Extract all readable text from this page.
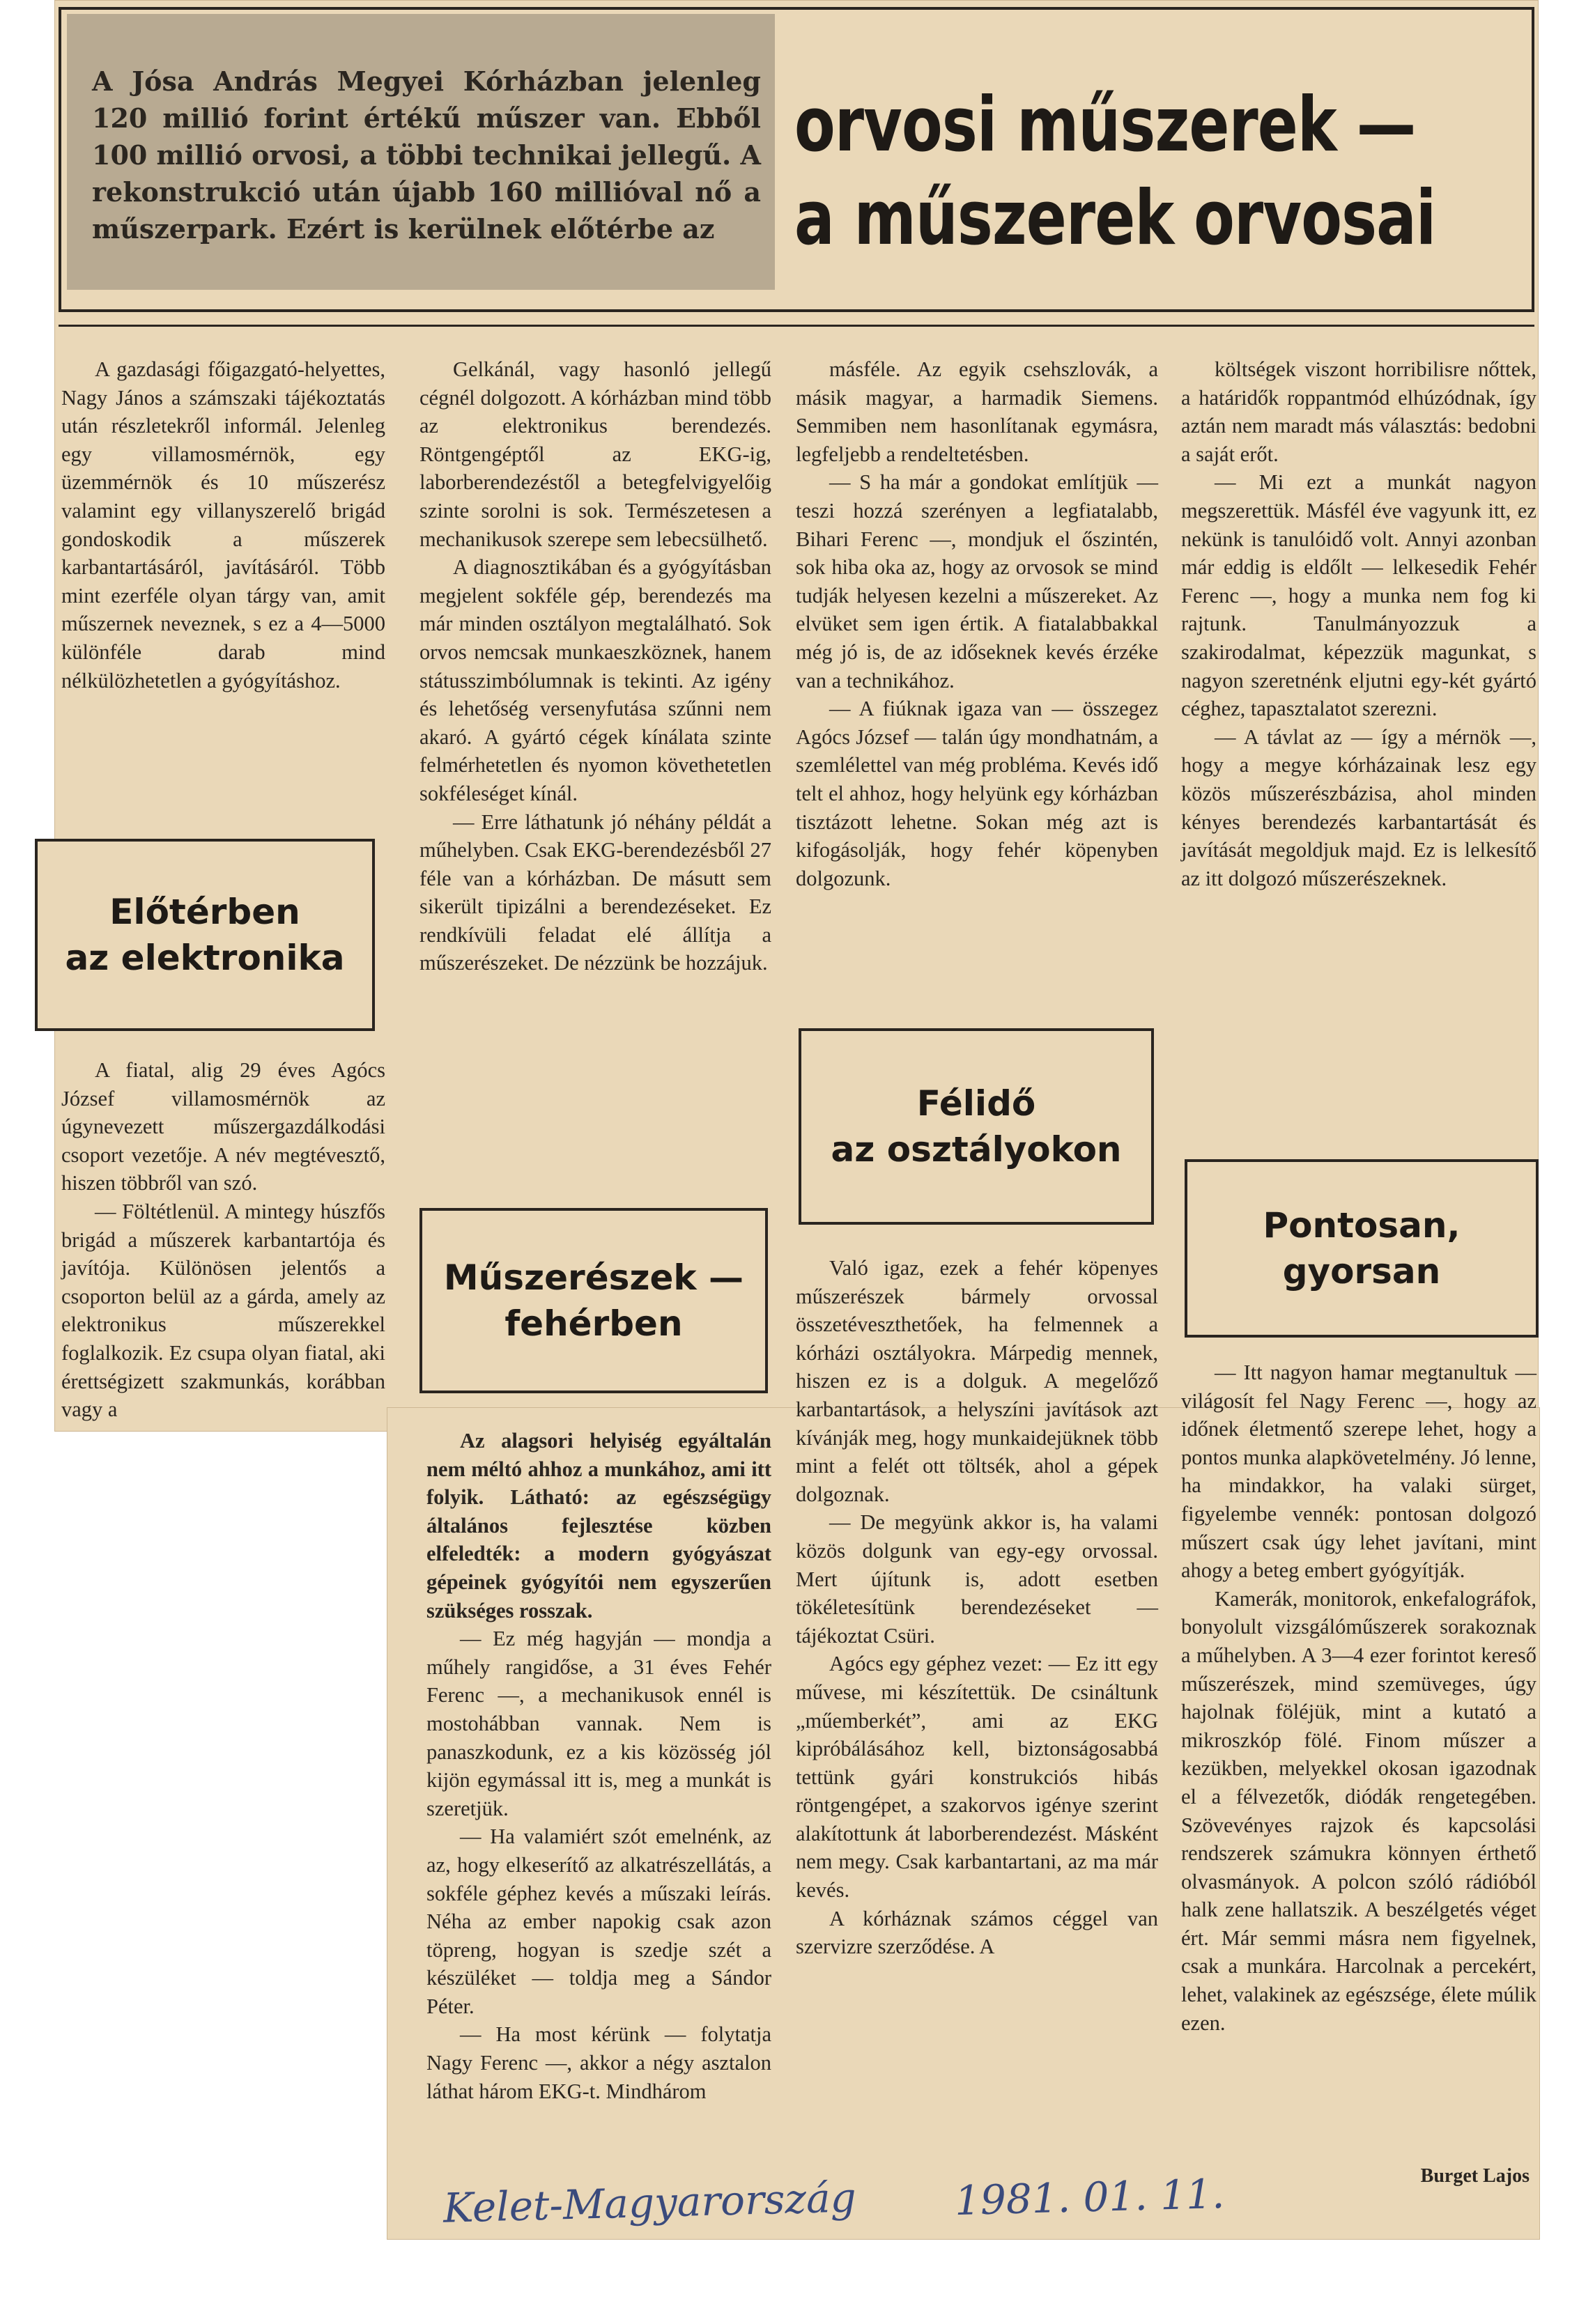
A Jósa András Megyei Kórházban jelenleg 120 millió forint értékű műszer van. Ebből 100 millió orvosi, a többi technikai jellegű. A rekonstrukció után újabb 160 millióval nő a műszerpark. Ezért is kerülnek előtérbe az
orvosi műszerek —
a műszerek orvosai

A gazdasági főigazgató-helyettes, Nagy János a számszaki tájékoztatás után részletekről informál. Jelenleg egy villamosmérnök, egy üzemmérnök és 10 műszerész valamint egy villanyszerelő brigád gondoskodik a műszerek karbantartásáról, javításáról. Több mint ezerféle olyan tárgy van, amit műszernek neveznek, s ez a 4—5000 különféle darab mind nélkülözhetetlen a gyógyításhoz.

Előtérben
az elektronika

A fiatal, alig 29 éves Agócs József villamosmérnök az úgynevezett műszergazdálkodási csoport vezetője. A név megtévesztő, hiszen többről van szó.

— Föltétlenül. A mintegy húszfős brigád a műszerek karbantartója és javítója. Különösen jelentős a csoporton belül az a gárda, amely az elektronikus műszerekkel foglalkozik. Ez csupa olyan fiatal, aki érettségizett szakmunkás, korábban vagy a

Gelkánál, vagy hasonló jellegű cégnél dolgozott. A kórházban mind több az elektronikus berendezés. Röntgengéptől az EKG-ig, laborberendezéstől a betegfelvigyelőig szinte sorolni is sok. Természetesen a mechanikusok szerepe sem lebecsülhető.

A diagnosztikában és a gyógyításban megjelent sokféle gép, berendezés ma már minden osztályon megtalálható. Sok orvos nemcsak munkaeszköznek, hanem státusszimbólumnak is tekinti. Az igény és lehetőség versenyfutása szűnni nem akaró. A gyártó cégek kínálata szinte felmérhetetlen és nyomon követhetetlen sokféleséget kínál.

— Erre láthatunk jó néhány példát a műhelyben. Csak EKG-berendezésből 27 féle van a kórházban. De másutt sem sikerült tipizálni a berendezéseket. Ez rendkívüli feladat elé állítja a műszerészeket. De nézzünk be hozzájuk.

Műszerészek —
fehérben

Az alagsori helyiség egyáltalán nem méltó ahhoz a munkához, ami itt folyik. Látható: az egészségügy általános fejlesztése közben elfeledték: a modern gyógyászat gépeinek gyógyítói nem egyszerűen szükséges rosszak.

— Ez még hagyján — mondja a műhely rangidőse, a 31 éves Fehér Ferenc —, a mechanikusok ennél is mostohábban vannak. Nem is panaszkodunk, ez a kis közösség jól kijön egymással itt is, meg a munkát is szeretjük.

— Ha valamiért szót emelnénk, az az, hogy elkeserítő az alkatrészellátás, a sokféle géphez kevés a műszaki leírás. Néha az ember napokig csak azon töpreng, hogyan is szedje szét a készüléket — toldja meg a Sándor Péter.

— Ha most kérünk — folytatja Nagy Ferenc —, akkor a négy asztalon láthat három EKG-t. Mindhárom

másféle. Az egyik csehszlovák, a másik magyar, a harmadik Siemens. Semmiben nem hasonlítanak egymásra, legfeljebb a rendeltetésben.

— S ha már a gondokat említjük — teszi hozzá szerényen a legfiatalabb, Bihari Ferenc —, mondjuk el őszintén, sok hiba oka az, hogy az orvosok se mind tudják helyesen kezelni a műszereket. Az elvüket sem igen értik. A fiatalabbakkal még jó is, de az időseknek kevés érzéke van a technikához.

— A fiúknak igaza van — összegez Agócs József — talán úgy mondhatnám, a szemlélettel van még probléma. Kevés idő telt el ahhoz, hogy helyünk egy kórházban tisztázott lehetne. Sokan még azt is kifogásolják, hogy fehér köpenyben dolgozunk.

Félidő
az osztályokon

Való igaz, ezek a fehér köpenyes műszerészek bármely orvossal összetéveszthetőek, ha felmennek a kórházi osztályokra. Márpedig mennek, hiszen ez is a dolguk. A megelőző karbantartások, a helyszíni javítások azt kívánják meg, hogy munkaidejüknek több mint a felét ott töltsék, ahol a gépek dolgoznak.

— De megyünk akkor is, ha valami közös dolgunk van egy-egy orvossal. Mert újítunk is, adott esetben tökéletesítünk berendezéseket — tájékoztat Csüri.

Agócs egy géphez vezet: — Ez itt egy művese, mi készítettük. De csináltunk „műemberkét”, ami az EKG kipróbálásához kell, biztonságosabbá tettünk gyári konstrukciós hibás röntgengépet, a szakorvos igénye szerint alakítottunk át laborberendezést. Másként nem megy. Csak karbantartani, az ma már kevés.

A kórháznak számos céggel van szervizre szerződése. A

költségek viszont horribilisre nőttek, a határidők roppantmód elhúzódnak, így aztán nem maradt más választás: bedobni a saját erőt.

— Mi ezt a munkát nagyon megszerettük. Másfél éve vagyunk itt, ez nekünk is tanulóidő volt. Annyi azonban már eddig is eldőlt — lelkesedik Fehér Ferenc —, hogy a munka nem fog ki rajtunk. Tanulmányozzuk a szakirodalmat, képezzük magunkat, s nagyon szeretnénk eljutni egy-két gyártó céghez, tapasztalatot szerezni.

— A távlat az — így a mérnök —, hogy a megye kórházainak lesz egy közös műszerészbázisa, ahol minden kényes berendezés karbantartását és javítását megoldjuk majd. Ez is lelkesítő az itt dolgozó műszerészeknek.

Pontosan,
gyorsan

— Itt nagyon hamar megtanultuk — világosít fel Nagy Ferenc —, hogy az időnek életmentő szerepe lehet, hogy a pontos munka alapkövetelmény. Jó lenne, ha mindakkor, ha valaki sürget, figyelembe vennék: pontosan dolgozó műszert csak úgy lehet javítani, mint ahogy a beteg embert gyógyítják.

Kamerák, monitorok, enkefalográfok, bonyolult vizsgálóműszerek sorakoznak a műhelyben. A 3—4 ezer forintot kereső műszerészek, mind szemüveges, úgy hajolnak föléjük, mint a kutató a mikroszkóp fölé. Finom műszer a kezükben, melyekkel okosan igazodnak el a félvezetők, diódák rengetegében. Szövevényes rajzok és kapcsolási rendszerek számukra könnyen érthető olvasmányok. A polcon szóló rádióból halk zene hallatszik. A beszélgetés véget ért. Már semmi másra nem figyelnek, csak a munkára. Harcolnak a percekért, lehet, valakinek az egészsége, élete múlik ezen.

Burget Lajos

Kelet-Magyarország 1981. 01. 11.
